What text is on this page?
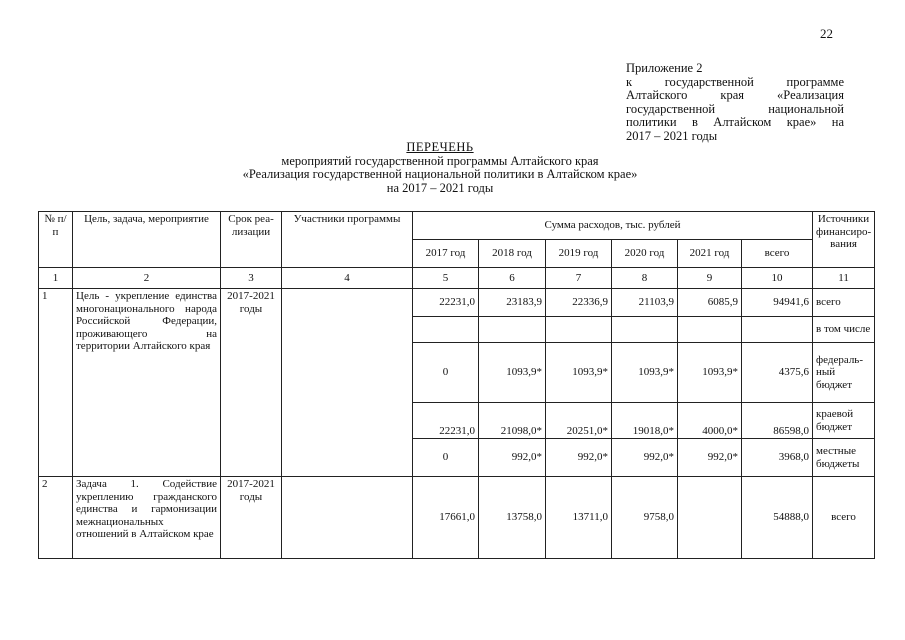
22
Приложение 2
к государственной программе
Алтайского края «Реализация
государственной национальной
политики в Алтайском крае» на
2017 – 2021 годы
ПЕРЕЧЕНЬ
мероприятий государственной программы Алтайского края
«Реализация государственной национальной политики в Алтайском крае»
на 2017 – 2021 годы
№ п/п	Цель, задача, мероприятие	Срок реа-лизации	Участники программы	Сумма расходов, тыс. рублей						Источники финансиро-вания
				2017 год	2018 год	2019 год	2020 год	2021 год	всего	
1	2	3	4	5	6	7	8	9	10	11
1	Цель - укрепление единства многонационального народа Российской Федерации, проживающего на территории Алтайского края	2017-2021 годы		22231,0	23183,9	22336,9	21103,9	6085,9	94941,6	всего
										в том числе
				0	1093,9*	1093,9*	1093,9*	1093,9*	4375,6	федераль-ный бюджет
				22231,0	21098,0*	20251,0*	19018,0*	4000,0*	86598,0	краевой бюджет
				0	992,0*	992,0*	992,0*	992,0*	3968,0	местные бюджеты
2	Задача 1. Содействие укреплению гражданского единства и гармонизации межнациональных отношений в Алтайском крае	2017-2021 годы		17661,0	13758,0	13711,0	9758,0		54888,0	всего
